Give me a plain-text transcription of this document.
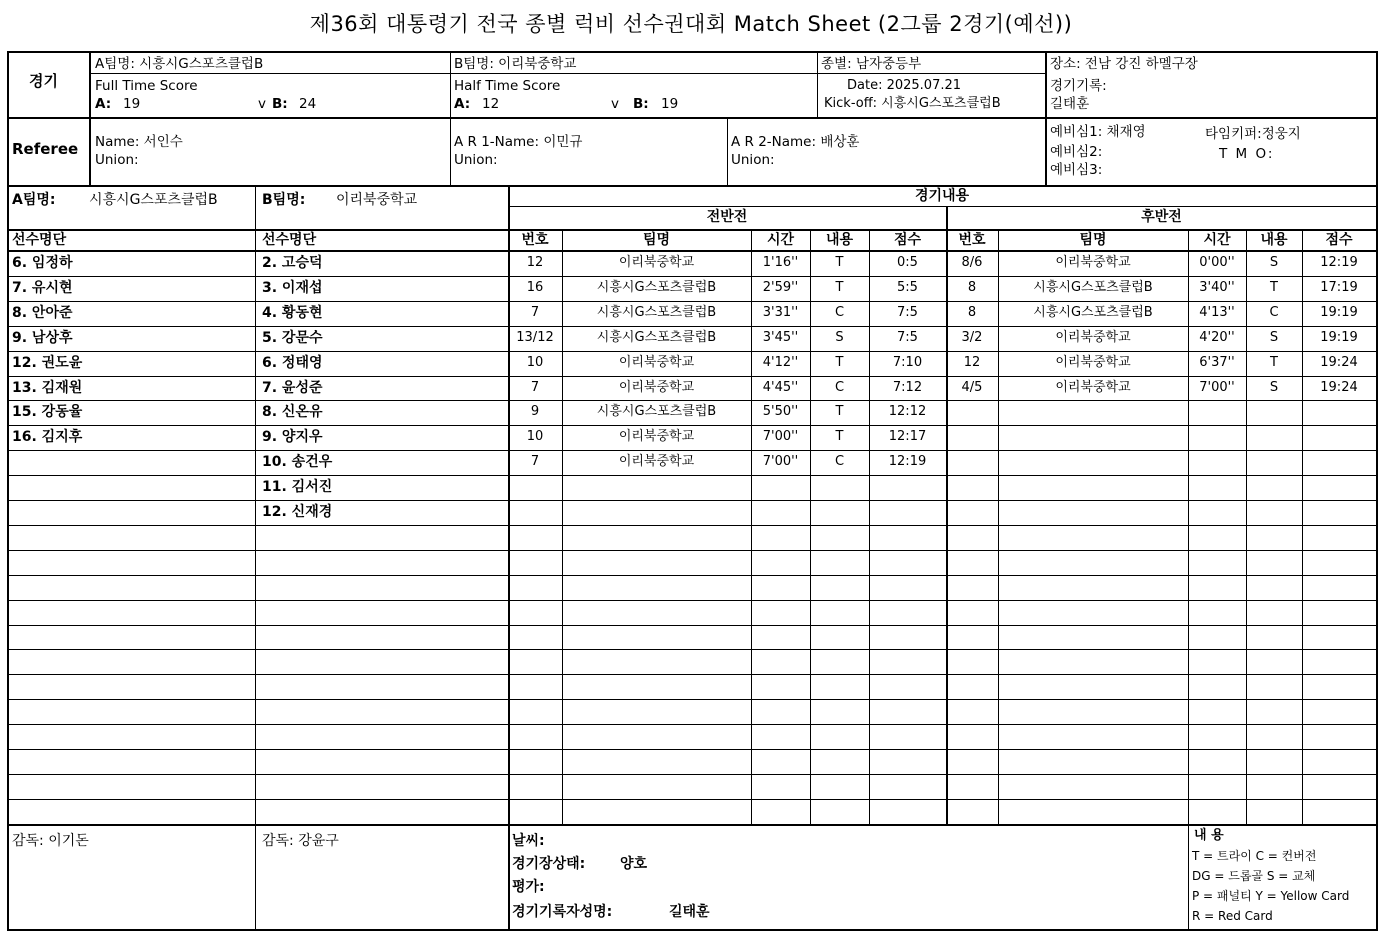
제36회 대통령기 전국 종별 럭비 선수권대회 Match Sheet (2그룹 2경기(예선))
경기
A팀명: 시흥시G스포츠클럽B	B팀명: 이리북중학교	종별: 남자중등부	장소: 전남 강진 하멜구장
Full Time Score
A: 19	v B: 24
Half Time Score
A: 12	v B: 19
Date: 2025.07.21
Kick-off: 시흥시G스포츠클럽B
경기기록:
길태훈
Referee Name: 서인수
Union:
A R 1-Name: 이민규
Union:
A R 2-Name: 배상훈
Union:
예비심1: 채재영
예비심2:
예비심3:
타임키퍼:정웅지
T M O:
A팀명: 시흥시G스포츠클럽B	B팀명: 이리북중학교	경기내용
전반전	후반전
선수명단	선수명단
감독: 이기돈	감독: 강윤구	날씨:
경기장상태: 양호
평가:
경기기록자성명:	길태훈
내 용
번호	번호
팀명	팀명
시간	시간
내용	내용
점수	점수
6. 임정하
7. 유시현
8. 안아준
9. 남상후
12. 권도윤
13. 김재원
15. 강동율
16. 김지후
2. 고승덕
3. 이재섭
4. 황동현
5. 강문수
6. 정태영
7. 윤성준
8. 신온유
9. 양지우
10. 송건우
11. 김서진
12. 신재경
12	이리북중학교	1'16''	T	0:5
16	시흥시G스포츠클럽B	2'59''	T	5:5
7	시흥시G스포츠클럽B	3'31''	C	7:5
13/12	시흥시G스포츠클럽B	3'45''	S	7:5
10	이리북중학교	4'12''	T	7:10
7	이리북중학교	4'45''	C	7:12
9	시흥시G스포츠클럽B	5'50''	T	12:12
10	이리북중학교	7'00''	T	12:17
7	이리북중학교	7'00''	C	12:19
8/6	이리북중학교	0'00''	S	12:19
8	시흥시G스포츠클럽B	3'40''	T	17:19
8	시흥시G스포츠클럽B	4'13''	C	19:19
3/2	이리북중학교	4'20''	S	19:19
12	이리북중학교	6'37''	T	19:24
4/5	이리북중학교	7'00''	S	19:24
T = 트라이 C = 컨버전
DG = 드롭골 S = 교체
P = 패널티 Y = Yellow Card
R = Red Card
